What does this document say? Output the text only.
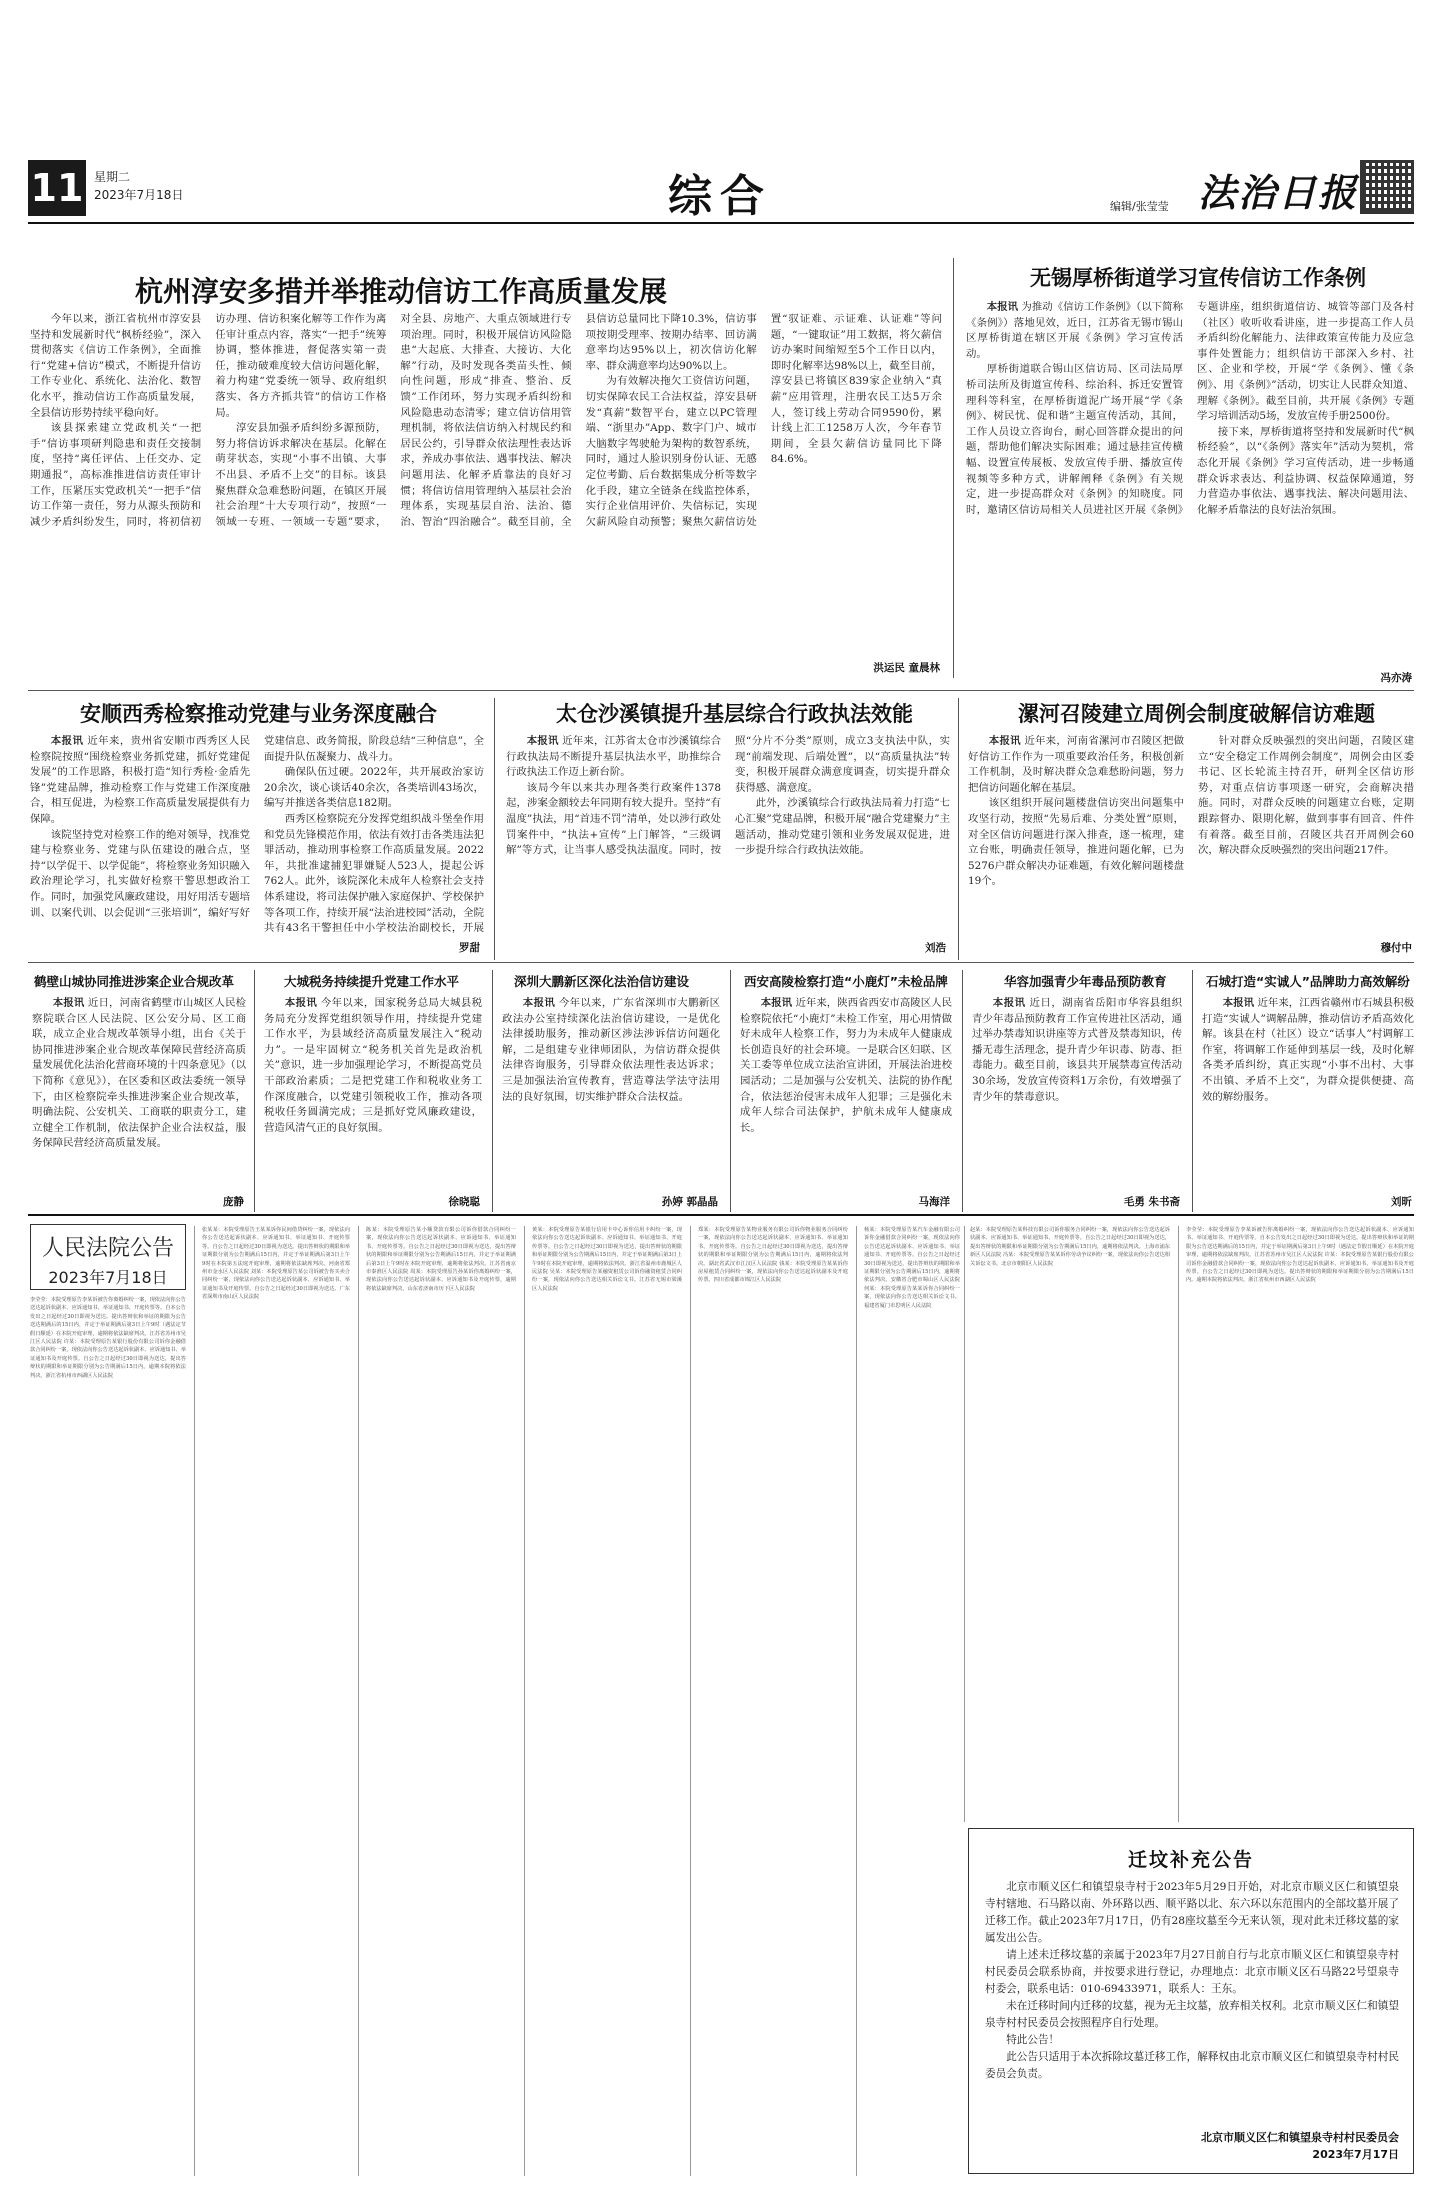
11 星期二
2023年7月18日	综合	编辑/张莹莹 法治日报
杭州淳安多措并举推动信访工作高质量发展

今年以来，浙江省杭州市淳安县坚持和发展新时代“枫桥经验”，深入贯彻落实《信访工作条例》，全面推行“党建+信访”模式，不断提升信访工作专业化、系统化、法治化、数智化水平，推动信访工作高质量发展，全县信访形势持续平稳向好。

该县探索建立党政机关“一把手”信访事项研判隐患和责任交接制度，坚持“离任评估、上任交办、定期通报”，高标准推进信访责任审计工作，压紧压实党政机关“一把手”信访工作第一责任，努力从源头预防和减少矛盾纠纷发生，同时，将初信初访办理、信访积案化解等工作作为离任审计重点内容，落实“一把手”统筹协调，整体推进，督促落实第一责任，推动破难度较大信访问题化解，着力构建“党委统一领导、政府组织落实、各方齐抓共管”的信访工作格局。

淳安县加强矛盾纠纷多源预防，努力将信访诉求解决在基层。化解在萌芽状态，实现“小事不出镇、大事不出县、矛盾不上交”的目标。该县聚焦群众急难愁盼问题，在镇区开展社会治理“十大专项行动”，按照“一领域一专班、一领域一专题”要求，对全县、房地产、大重点领域进行专项治理。同时，积极开展信访风险隐患“大起底、大排查、大接访、大化解”行动，及时发现各类苗头性、倾向性问题，形成“排查、整治、反馈”工作闭环，努力实现矛盾纠纷和风险隐患动态清零；建立信访信用管理机制，将依法信访纳入村规民约和居民公约，引导群众依法理性表达诉求，养成办事依法、遇事找法、解决问题用法、化解矛盾靠法的良好习惯；将信访信用管理纳入基层社会治理体系，实现基层自治、法治、德治、智治“四治融合”。截至目前，全县信访总量同比下降10.3%，信访事项按期受理率、按期办结率、回访满意率均达95%以上，初次信访化解率、群众满意率均达90%以上。

为有效解决拖欠工资信访问题，切实保障农民工合法权益，淳安县研发“真薪”数智平台，建立以PC管理端、“浙里办”App、数字门户、城市大脑数字驾驶舱为架构的数智系统，同时，通过人脸识别身份认证、无感定位考勤、后台数据集成分析等数字化手段，建立全链条在线监控体系，实行企业信用评价、失信标记，实现欠薪风险自动预警；聚焦欠薪信访处置“驭证难、示证难、认证难”等问题，“一键取证”用工数据，将欠薪信访办案时间缩短至5个工作日以内，即时化解率达98%以上，截至目前，淳安县已将镇区839家企业纳入“真薪”应用管理，注册农民工达5万余人，签订线上劳动合同9590份，累计线上汇工1258万人次，今年春节期间，全县欠薪信访量同比下降84.6%。

洪运民 童晨林
无锡厚桥街道学习宣传信访工作条例

本报讯 为推动《信访工作条例》（以下简称《条例》）落地见效，近日，江苏省无锡市锡山区厚桥街道在辖区开展《条例》学习宣传活动。

厚桥街道联合锡山区信访局、区司法局厚桥司法所及街道宣传科、综治科、拆迁安置管理科等科室，在厚桥街道泥广场开展“学《条例》、树民忧、促和谐”主题宣传活动，其间，工作人员设立咨询台，耐心回答群众提出的问题，帮助他们解决实际困难；通过悬挂宣传横幅、设置宣传展板、发放宣传手册、播放宣传视频等多种方式，讲解阐释《条例》有关规定，进一步提高群众对《条例》的知晓度。同时，邀请区信访局相关人员进社区开展《条例》专题讲座，组织街道信访、城管等部门及各村（社区）收听收看讲座，进一步提高工作人员矛盾纠纷化解能力、法律政策宣传能力及应急事件处置能力；组织信访干部深入乡村、社区、企业和学校，开展“学《条例》、懂《条例》、用《条例》”活动，切实让人民群众知道、理解《条例》。截至目前，共开展《条例》专题学习培训活动5场，发放宣传手册2500份。

接下来，厚桥街道将坚持和发展新时代“枫桥经验”，以“《条例》落实年”活动为契机，常态化开展《条例》学习宣传活动，进一步畅通群众诉求表达、利益协调、权益保障通道，努力营造办事依法、遇事找法、解决问题用法、化解矛盾靠法的良好法治氛围。

冯亦涛
安顺西秀检察推动党建与业务深度融合

本报讯 近年来，贵州省安顺市西秀区人民检察院按照“围绕检察业务抓党建，抓好党建促发展”的工作思路，积极打造“知行秀检·金盾先锋”党建品牌，推动检察工作与党建工作深度融合，相互促进，为检察工作高质量发展提供有力保障。

该院坚持党对检察工作的绝对领导，找准党建与检察业务、党建与队伍建设的融合点，坚持“以学促干、以学促能”，将检察业务知识融入政治理论学习，扎实做好检察干警思想政治工作。同时，加强党风廉政建设，用好用活专题培训、以案代训、以会促训“三张培训”，编好写好党建信息、政务简报，阶段总结“三种信息”，全面提升队伍凝聚力、战斗力。

确保队伍过硬。2022年，共开展政治家访20余次，谈心谈话40余次，各类培训43场次，编写并推送各类信息182期。

西秀区检察院充分发挥党组织战斗堡垒作用和党员先锋模范作用，依法有效打击各类违法犯罪活动，推动刑事检察工作高质量发展。2022年，共批准逮捕犯罪嫌疑人523人，提起公诉762人。此外，该院深化未成年人检察社会支持体系建设，将司法保护融入家庭保护、学校保护等各项工作，持续开展“法治进校园”活动，全院共有43名干警担任中小学校法治副校长，开展

罗甜
太仓沙溪镇提升基层综合行政执法效能

本报讯 近年来，江苏省太仓市沙溪镇综合行政执法局不断提升基层执法水平，助推综合行政执法工作迈上新台阶。

该局今年以来共办理各类行政案件1378起，涉案金额较去年同期有较大提升。坚持“有温度”执法，用“首违不罚”清单，处以涉行政处罚案件中，“执法+宣传”上门解答，“三级调解”等方式，让当事人感受执法温度。同时，按照“分片不分类”原则，成立3支执法中队，实现“前端发现、后端处置”，以“高质量执法”转变，积极开展群众满意度调查，切实提升群众获得感、满意度。

此外，沙溪镇综合行政执法局着力打造“七心汇聚”党建品牌，积极开展“融合党建聚力”主题活动，推动党建引领和业务发展双促进，进一步提升综合行政执法效能。

刘浩
漯河召陵建立周例会制度破解信访难题

本报讯 近年来，河南省漯河市召陵区把做好信访工作作为一项重要政治任务，积极创新工作机制，及时解决群众急难愁盼问题，努力把信访问题化解在基层。

该区组织开展问题楼盘信访突出问题集中攻坚行动，按照“先易后难、分类处置”原则，对全区信访问题进行深入排查，逐一梳理，建立台账，明确责任领导，推进问题化解，已为5276户群众解决办证难题，有效化解问题楼盘19个。

针对群众反映强烈的突出问题，召陵区建立“安全稳定工作周例会制度”，周例会由区委书记、区长轮流主持召开，研判全区信访形势，对重点信访事项逐一研究，会商解决措施。同时，对群众反映的问题建立台账，定期跟踪督办、限期化解，做到事事有回音、件件有着落。截至目前，召陵区共召开周例会60次，解决群众反映强烈的突出问题217件。

穆付中
鹤壁山城协同推进涉案企业合规改革

本报讯 近日，河南省鹤壁市山城区人民检察院联合区人民法院、区公安分局、区工商联，成立企业合规改革领导小组，出台《关于协同推进涉案企业合规改革保障民营经济高质量发展优化法治化营商环境的十四条意见》（以下简称《意见》），在区委和区政法委统一领导下，由区检察院牵头推进涉案企业合规改革，明确法院、公安机关、工商联的职责分工，建立健全工作机制，依法保护企业合法权益，服务保障民营经济高质量发展。

庞静
大城税务持续提升党建工作水平

本报讯 今年以来，国家税务总局大城县税务局充分发挥党组织领导作用，持续提升党建工作水平，为县域经济高质量发展注入“税动力”。一是牢固树立“税务机关首先是政治机关”意识，进一步加强理论学习，不断提高党员干部政治素质；二是把党建工作和税收业务工作深度融合，以党建引领税收工作，推动各项税收任务圆满完成；三是抓好党风廉政建设，营造风清气正的良好氛围。

徐晓聪
深圳大鹏新区深化法治信访建设

本报讯 今年以来，广东省深圳市大鹏新区政法办公室持续深化法治信访建设，一是优化法律援助服务，推动新区涉法涉诉信访问题化解，二是组建专业律师团队，为信访群众提供法律咨询服务，引导群众依法理性表达诉求；三是加强法治宣传教育，营造尊法学法守法用法的良好氛围，切实维护群众合法权益。

孙婷 郭晶晶
西安高陵检察打造“小鹿灯”未检品牌

本报讯 近年来，陕西省西安市高陵区人民检察院依托“小鹿灯”未检工作室，用心用情做好未成年人检察工作，努力为未成年人健康成长创造良好的社会环境。一是联合区妇联、区关工委等单位成立法治宣讲团，开展法治进校园活动；二是加强与公安机关、法院的协作配合，依法惩治侵害未成年人犯罪；三是强化未成年人综合司法保护，护航未成年人健康成长。

马海洋
华容加强青少年毒品预防教育

本报讯 近日，湖南省岳阳市华容县组织青少年毒品预防教育工作宣传进社区活动，通过举办禁毒知识讲座等方式普及禁毒知识，传播无毒生活理念，提升青少年识毒、防毒、拒毒能力。截至目前，该县共开展禁毒宣传活动30余场，发放宣传资料1万余份，有效增强了青少年的禁毒意识。

毛勇 朱书斋
石城打造“实诚人”品牌助力高效解纷

本报讯 近年来，江西省赣州市石城县积极打造“实诚人”调解品牌，推动信访矛盾高效化解。该县在村（社区）设立“话事人”村调解工作室，将调解工作延伸到基层一线，及时化解各类矛盾纠纷，真正实现“小事不出村、大事不出镇、矛盾不上交”，为群众提供便捷、高效的解纷服务。

刘昕
人民法院公告
2023年7月18日
李莹莹：本院受理原告李某诉被告你离婚纠纷一案，现依法向你公告送达起诉状副本、应诉通知书、举证通知书、开庭传票等。自本公告发出之日起经过30日即视为送达。提出答辩状和举证的期限为公告送达期满后的15日内，并定于举证期满后第3日上午9时（遇法定节假日顺延）在本院开庭审理，逾期将依法缺席判决。江苏省苏州市吴江区人民法院 许某：本院受理原告某银行股份有限公司诉你金融借款合同纠纷一案，现依法向你公告送达起诉状副本、应诉通知书、举证通知书及开庭传票。自公告之日起经过30日即视为送达。提出答辩状的期限和举证期限分别为公告期满后15日内。逾期本院将依法判决。浙江省杭州市西湖区人民法院
张某某：本院受理原告王某某诉你民间借贷纠纷一案，现依法向你公告送达起诉状副本、应诉通知书、举证通知书、开庭传票等。自公告之日起经过30日即视为送达。提出答辩状的期限和举证期限分别为公告期满后15日内，并定于举证期满后第3日上午9时在本院第五法庭开庭审理，逾期将依法缺席判决。河南省郑州市金水区人民法院 刘某：本院受理原告某公司诉被告你买卖合同纠纷一案，现依法向你公告送达起诉状副本、应诉通知书、举证通知书及开庭传票。自公告之日起经过30日即视为送达。广东省深圳市南山区人民法院
陈某：本院受理原告某小额贷款有限公司诉你借款合同纠纷一案，现依法向你公告送达起诉状副本、应诉通知书、举证通知书、开庭传票等。自公告之日起经过30日即视为送达，提出答辩状的期限和举证期限分别为公告期满后15日内，并定于举证期满后第3日上午9时在本院开庭审理，逾期将依法判决。江苏省南京市秦淮区人民法院 周某：本院受理原告孙某诉你离婚纠纷一案，现依法向你公告送达起诉状副本、应诉通知书及开庭传票，逾期将依法缺席判决。山东省济南市历下区人民法院
黄某：本院受理原告某银行信用卡中心诉你信用卡纠纷一案，现依法向你公告送达起诉状副本、应诉通知书、举证通知书、开庭传票等。自公告之日起经过30日即视为送达，提出答辩状的期限和举证期限分别为公告期满后15日内，并定于举证期满后第3日上午9时在本院开庭审理，逾期将依法判决。浙江省温州市鹿城区人民法院 吴某：本院受理原告某融资租赁公司诉你融资租赁合同纠纷一案，现依法向你公告送达相关诉讼文书。江苏省无锡市梁溪区人民法院
郑某：本院受理原告某物业服务有限公司诉你物业服务合同纠纷一案，现依法向你公告送达起诉状副本、应诉通知书、举证通知书、开庭传票等。自公告之日起经过30日即视为送达，提出答辩状的期限和举证期限分别为公告期满后15日内，逾期将依法判决。湖北省武汉市江汉区人民法院 钱某：本院受理原告某某诉你房屋租赁合同纠纷一案，现依法向你公告送达起诉状副本及开庭传票。四川省成都市锦江区人民法院
杨某：本院受理原告某汽车金融有限公司诉你金融借款合同纠纷一案，现依法向你公告送达起诉状副本、应诉通知书、举证通知书、开庭传票等。自公告之日起经过30日即视为送达，提出答辩状的期限和举证期限分别为公告期满后15日内，逾期将依法判决。安徽省合肥市蜀山区人民法院 何某：本院受理原告某某诉你合同纠纷一案，现依法向你公告送达相关诉讼文书。福建省厦门市思明区人民法院
赵某：本院受理原告某科技有限公司诉你服务合同纠纷一案，现依法向你公告送达起诉状副本、应诉通知书、举证通知书、开庭传票等。自公告之日起经过30日即视为送达，提出答辩状的期限和举证期限分别为公告期满后15日内，逾期将依法判决。上海市浦东新区人民法院 冯某：本院受理原告某某诉你劳动争议纠纷一案，现依法向你公告送达相关诉讼文书。北京市朝阳区人民法院
李莹莹：本院受理原告李某诉被告你离婚纠纷一案，现依法向你公告送达起诉状副本、应诉通知书、举证通知书、开庭传票等。自本公告发出之日起经过30日即视为送达。提出答辩状和举证的期限为公告送达期满后的15日内，并定于举证期满后第3日上午9时（遇法定节假日顺延）在本院开庭审理，逾期将依法缺席判决。江苏省苏州市吴江区人民法院 许某：本院受理原告某银行股份有限公司诉你金融借款合同纠纷一案，现依法向你公告送达起诉状副本、应诉通知书、举证通知书及开庭传票。自公告之日起经过30日即视为送达。提出答辩状的期限和举证期限分别为公告期满后15日内。逾期本院将依法判决。浙江省杭州市西湖区人民法院
迁坟补充公告

北京市顺义区仁和镇望泉寺村于2023年5月29日开始，对北京市顺义区仁和镇望泉寺村辖地、石马路以南、外环路以西、顺平路以北、东六环以东范围内的全部坟墓开展了迁移工作。截止2023年7月17日，仍有28座坟墓至今无来认领，现对此未迁移坟墓的家属发出公告。

请上述未迁移坟墓的亲属于2023年7月27日前自行与北京市顺义区仁和镇望泉寺村村民委员会联系协商，并按要求进行登记，办理地点：北京市顺义区石马路22号望泉寺村委会，联系电话：010-69433971，联系人：王东。

未在迁移时间内迁移的坟墓，视为无主坟墓，放弃相关权利。北京市顺义区仁和镇望泉寺村村民委员会按照程序自行处理。

特此公告！

此公告只适用于本次拆除坟墓迁移工作，解释权由北京市顺义区仁和镇望泉寺村村民委员会负责。

北京市顺义区仁和镇望泉寺村村民委员会
2023年7月17日
